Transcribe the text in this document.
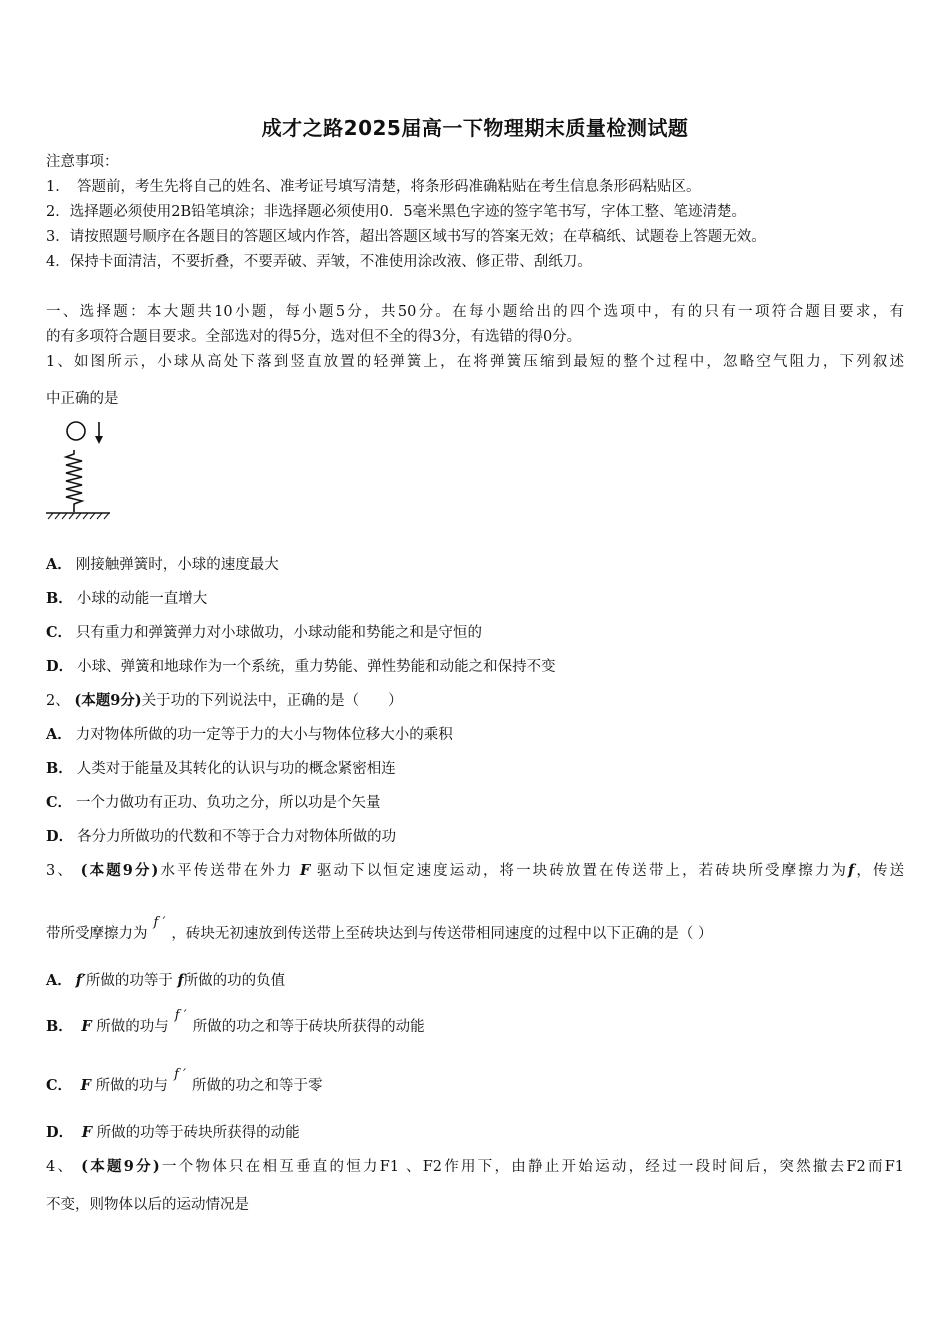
成才之路2025届高一下物理期末质量检测试题
注意事项：
1．　答题前，考生先将自己的姓名、准考证号填写清楚，将条形码准确粘贴在考生信息条形码粘贴区。
2．选择题必须使用2B铅笔填涂；非选择题必须使用0．5毫米黑色字迹的签字笔书写，字体工整、笔迹清楚。
3．请按照题号顺序在各题目的答题区域内作答，超出答题区域书写的答案无效；在草稿纸、试题卷上答题无效。
4．保持卡面清洁，不要折叠，不要弄破、弄皱，不准使用涂改液、修正带、刮纸刀。
一、选择题：本大题共10小题，每小题5分，共50分。在每小题给出的四个选项中，有的只有一项符合题目要求，有
的有多项符合题目要求。全部选对的得5分，选对但不全的得3分，有选错的得0分。
1、如图所示，小球从高处下落到竖直放置的轻弹簧上，在将弹簧压缩到最短的整个过程中，忽略空气阻力，下列叙述
中正确的是
A． 刚接触弹簧时，小球的速度最大
B． 小球的动能一直增大
C． 只有重力和弹簧弹力对小球做功，小球动能和势能之和是守恒的
D． 小球、弹簧和地球作为一个系统，重力势能、弹性势能和动能之和保持不变
2、 (本题9分)关于功的下列说法中，正确的是（　　）
A． 力对物体所做的功一定等于力的大小与物体位移大小的乘积
B． 人类对于能量及其转化的认识与功的概念紧密相连
C． 一个力做功有正功、负功之分，所以功是个矢量
D． 各分力所做功的代数和不等于合力对物体所做的功
3、 (本题9分)水平传送带在外力 F 驱动下以恒定速度运动，将一块砖放置在传送带上，若砖块所受摩擦力为f，传送
带所受摩擦力为f ′，砖块无初速放到传送带上至砖块达到与传送带相同速度的过程中以下正确的是（ ）
A． f′所做的功等于 f所做的功的负值
B． F 所做的功与f ′所做的功之和等于砖块所获得的动能
C． F 所做的功与f ′所做的功之和等于零
D． F 所做的功等于砖块所获得的动能
4、 (本题9分)一个物体只在相互垂直的恒力F1 、F2作用下，由静止开始运动，经过一段时间后，突然撤去F2而F1
不变，则物体以后的运动情况是
